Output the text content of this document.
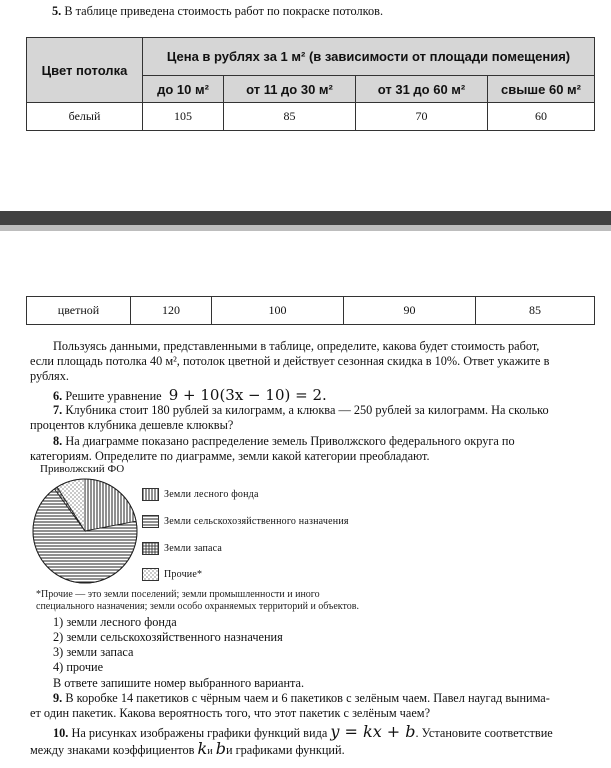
5. В таблице приведена стоимость работ по покраске потолков.
Цвет потолка	Цена в рублях за 1 м² (в зависимости от площади помещения)			
	до 10 м²	от 11 до 30 м²	от 31 до 60 м²	свыше 60 м²
белый	105	85	70	60
цветной	120	100	90	85
Пользуясь данными, представленными в таблице, определите, какова будет стоимость работ,
если площадь потолка 40 м², потолок цветной и действует сезонная скидка в 10%. Ответ укажите в
рублях.
6. Решите уравнение 9 + 10(3x − 10) = 2.
7. Клубника стоит 180 рублей за килограмм, а клюква — 250 рублей за килограмм. На сколько
процентов клубника дешевле клюквы?
8. На диаграмме показано распределение земель Приволжского федерального округа по
категориям. Определите по диаграмме, земли какой категории преобладают.
Приволжский ФО
Земли лесного фонда
Земли сельскохозяйственного назначения
Земли запаса
Прочие*
*Прочие — это земли поселений; земли промышленности и иного
специального назначения; земли особо охраняемых территорий и объектов.
1) земли лесного фонда
2) земли сельскохозяйственного назначения
3) земли запаса
4) прочие
В ответе запишите номер выбранного варианта.
9. В коробке 14 пакетиков с чёрным чаем и 6 пакетиков с зелёным чаем. Павел наугад вынима-
ет один пакетик. Какова вероятность того, что этот пакетик с зелёным чаем?
10. На рисунках изображены графики функций вида y = kx + b. Установите соответствие
между знаками коэффициентов kи bи графиками функций.
